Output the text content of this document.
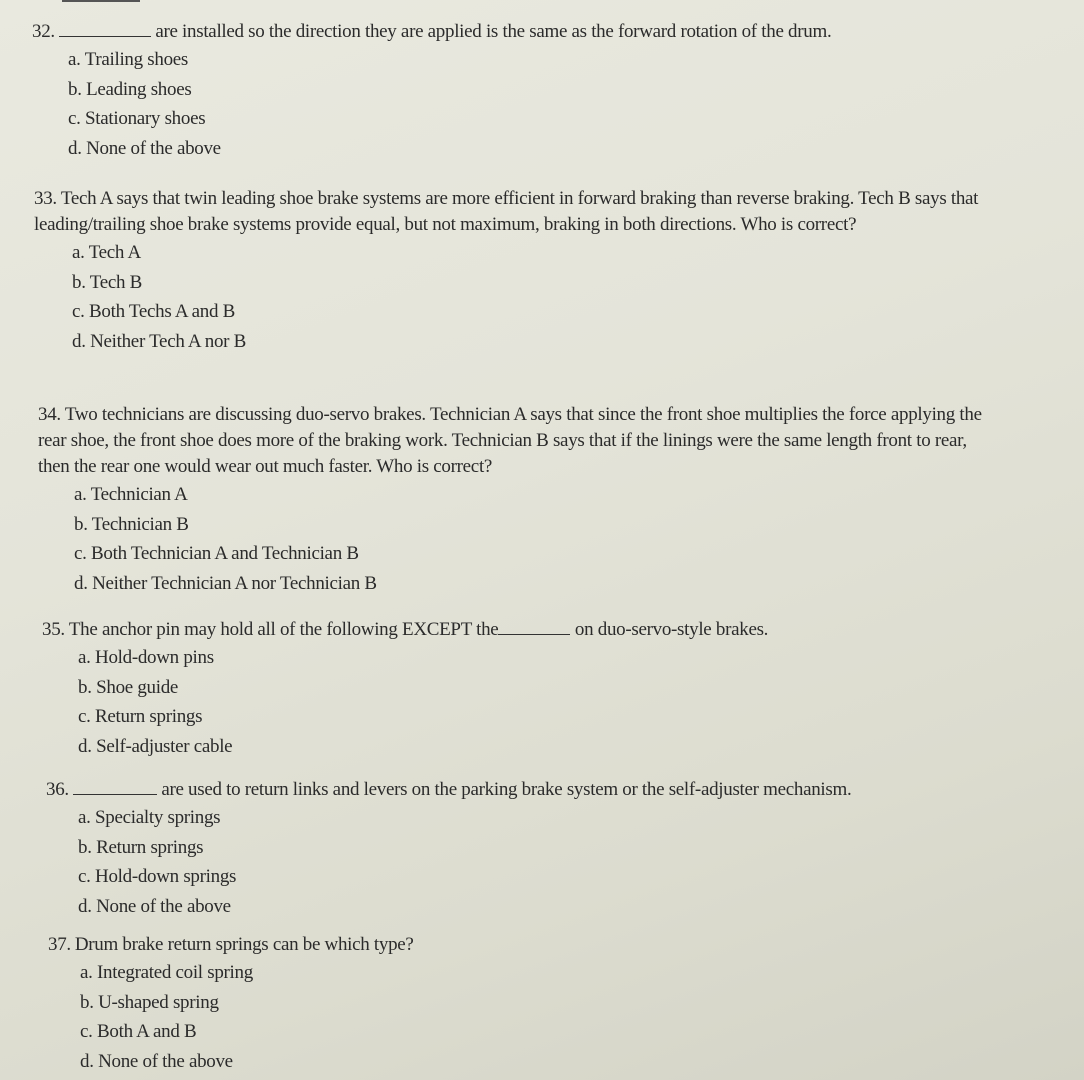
32.	are installed so the direction they are applied is the same as the forward rotation of the drum.

a. Trailing shoes
b. Leading shoes
c. Stationary shoes
d. None of the above

33. Tech A says that twin leading shoe brake systems are more efficient in forward braking than reverse braking. Tech B says that leading/trailing shoe brake systems provide equal, but not maximum, braking in both directions. Who is correct?

a. Tech A
b. Tech B
c. Both Techs A and B
d. Neither Tech A nor B

34. Two technicians are discussing duo-servo brakes. Technician A says that since the front shoe multiplies the force applying the rear shoe, the front shoe does more of the braking work. Technician B says that if the linings were the same length front to rear, then the rear one would wear out much faster. Who is correct?

a. Technician A
b. Technician B
c. Both Technician A and Technician B
d. Neither Technician A nor Technician B

35. The anchor pin may hold all of the following EXCEPT the	on duo-servo-style brakes.

a. Hold-down pins
b. Shoe guide
c. Return springs
d. Self-adjuster cable

36.	are used to return links and levers on the parking brake system or the self-adjuster mechanism.

a. Specialty springs
b. Return springs
c. Hold-down springs
d. None of the above

37. Drum brake return springs can be which type?

a. Integrated coil spring
b. U-shaped spring
c. Both A and B
d. None of the above
